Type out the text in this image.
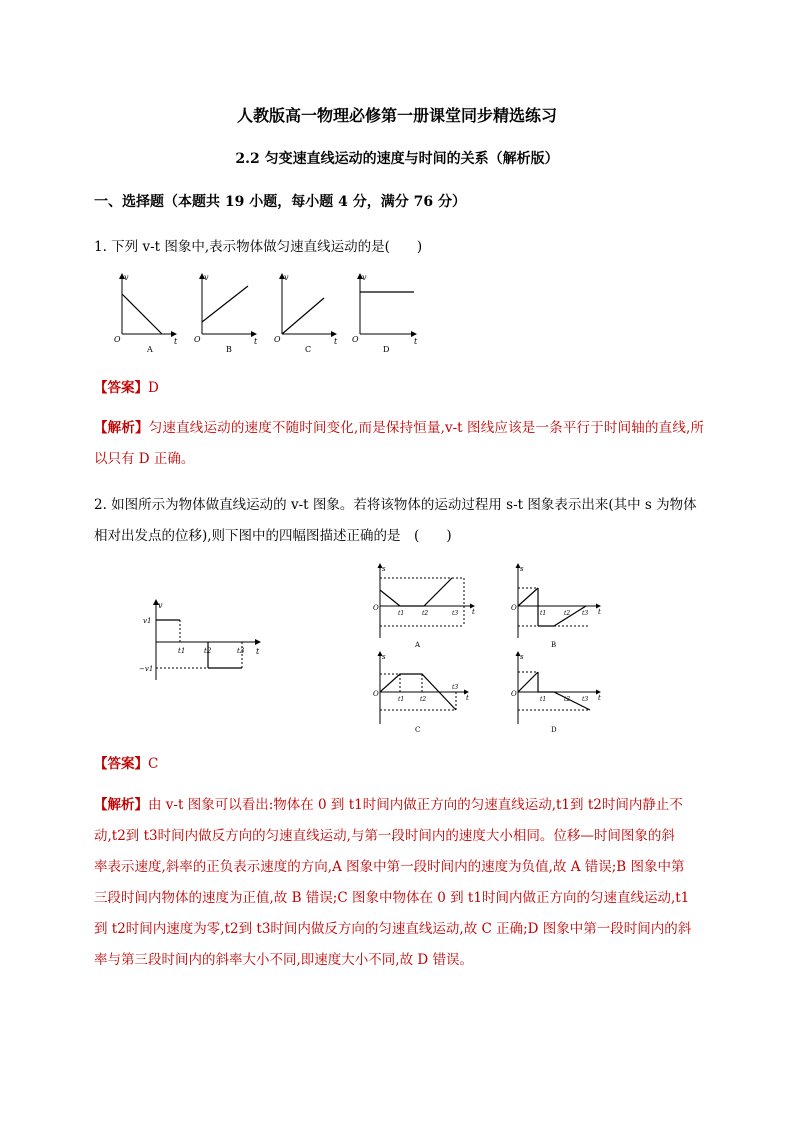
人教版高一物理必修第一册课堂同步精选练习
2.2 匀变速直线运动的速度与时间的关系（解析版）
一、选择题（本题共 19 小题，每小题 4 分，满分 76 分）
1. 下列 v-t 图象中,表示物体做匀速直线运动的是(　　)
v
t
O
A
v
t
O
B
v
t
O
C
v
t
O
D
【答案】D
【解析】匀速直线运动的速度不随时间变化,而是保持恒量,v-t 图线应该是一条平行于时间轴的直线,所以只有 D 正确。
2. 如图所示为物体做直线运动的 v-t 图象。若将该物体的运动过程用 s-t 图象表示出来(其中 s 为物体相对出发点的位移),则下图中的四幅图描述正确的是　(　　)
v
v1
−v1
t
t1	t2	t3
s
O	t
t1	t2	t3
A
s
O	t
t1	t2 t3
B
s
O	t
t1	t2
t3
C
s
O	t
t1	t2 t3
D
【答案】C
【解析】由 v-t 图象可以看出:物体在 0 到 t1时间内做正方向的匀速直线运动,t1到 t2时间内静止不
动,t2到 t3时间内做反方向的匀速直线运动,与第一段时间内的速度大小相同。位移—时间图象的斜
率表示速度,斜率的正负表示速度的方向,A 图象中第一段时间内的速度为负值,故 A 错误;B 图象中第
三段时间内物体的速度为正值,故 B 错误;C 图象中物体在 0 到 t1时间内做正方向的匀速直线运动,t1
到 t2时间内速度为零,t2到 t3时间内做反方向的匀速直线运动,故 C 正确;D 图象中第一段时间内的斜
率与第三段时间内的斜率大小不同,即速度大小不同,故 D 错误。
